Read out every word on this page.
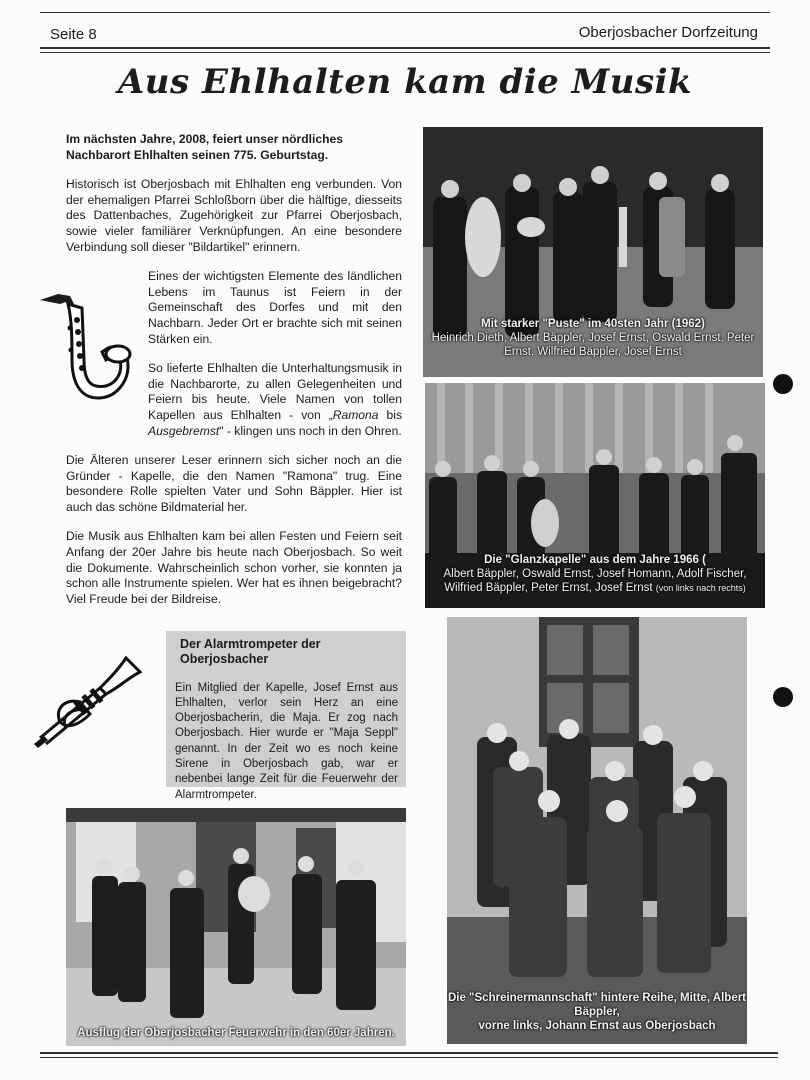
Seite 8	Oberjosbacher Dorfzeitung
Aus Ehlhalten kam die Musik

Im nächsten Jahre, 2008, feiert unser nördliches Nachbarort Ehlhalten seinen 775. Geburtstag.

Historisch ist Oberjosbach mit Ehlhalten eng verbunden. Von der ehemaligen Pfarrei Schloßborn über die hälftige, diesseits des Dattenbaches, Zugehörigkeit zur Pfarrei Oberjosbach, sowie vieler familiärer Verknüpfungen. An eine besondere Verbindung soll dieser "Bildartikel" erinnern.

Eines der wichtigsten Elemente des ländlichen Lebens im Taunus ist Feiern in der Gemeinschaft des Dorfes und mit den Nachbarn. Jeder Ort er brachte sich mit seinen Stärken ein.

So lieferte Ehlhalten die Unterhaltungsmusik in die Nachbarorte, zu allen Gelegenheiten und Feiern bis heute. Viele Namen von tollen Kapellen aus Ehlhalten - von „Ramona bis Ausgebremst" - klingen uns noch in den Ohren.

Die Älteren unserer Leser erinnern sich sicher noch an die Gründer - Kapelle, die den Namen "Ramona" trug. Eine besondere Rolle spielten Vater und Sohn Bäppler. Hier ist auch das schöne Bildmaterial her.

Die Musik aus Ehlhalten kam bei allen Festen und Feiern seit Anfang der 20er Jahre bis heute nach Oberjosbach. So weit die Dokumente. Wahrscheinlich schon vorher, sie konnten ja schon alle Instrumente spielen. Wer hat es ihnen beigebracht? Viel Freude bei der Bildreise.

Mit starker "Puste" im 40sten Jahr (1962)
Heinrich Dieth, Albert Bäppler, Josef Ernst, Oswald Ernst, Peter Ernst, Wilfried Bäppler, Josef Ernst
Die "Glanzkapelle" aus dem Jahre 1966 (
Albert Bäppler, Oswald Ernst, Josef Homann, Adolf Fischer, Wilfried Bäppler, Peter Ernst, Josef Ernst (von links nach rechts)
Der Alarmtrompeter der Oberjosbacher

Ein Mitglied der Kapelle, Josef Ernst aus Ehlhalten, verlor sein Herz an eine Oberjosbacherin, die Maja. Er zog nach Oberjosbach. Hier wurde er "Maja Seppl" genannt. In der Zeit wo es noch keine Sirene in Oberjosbach gab, war er nebenbei lange Zeit für die Feuerwehr der Alarmtrompeter.

Ausflug der Oberjosbacher Feuerwehr in den 60er Jahren.
Die "Schreinermannschaft" hintere Reihe, Mitte, Albert Bäppler,
vorne links, Johann Ernst aus Oberjosbach
